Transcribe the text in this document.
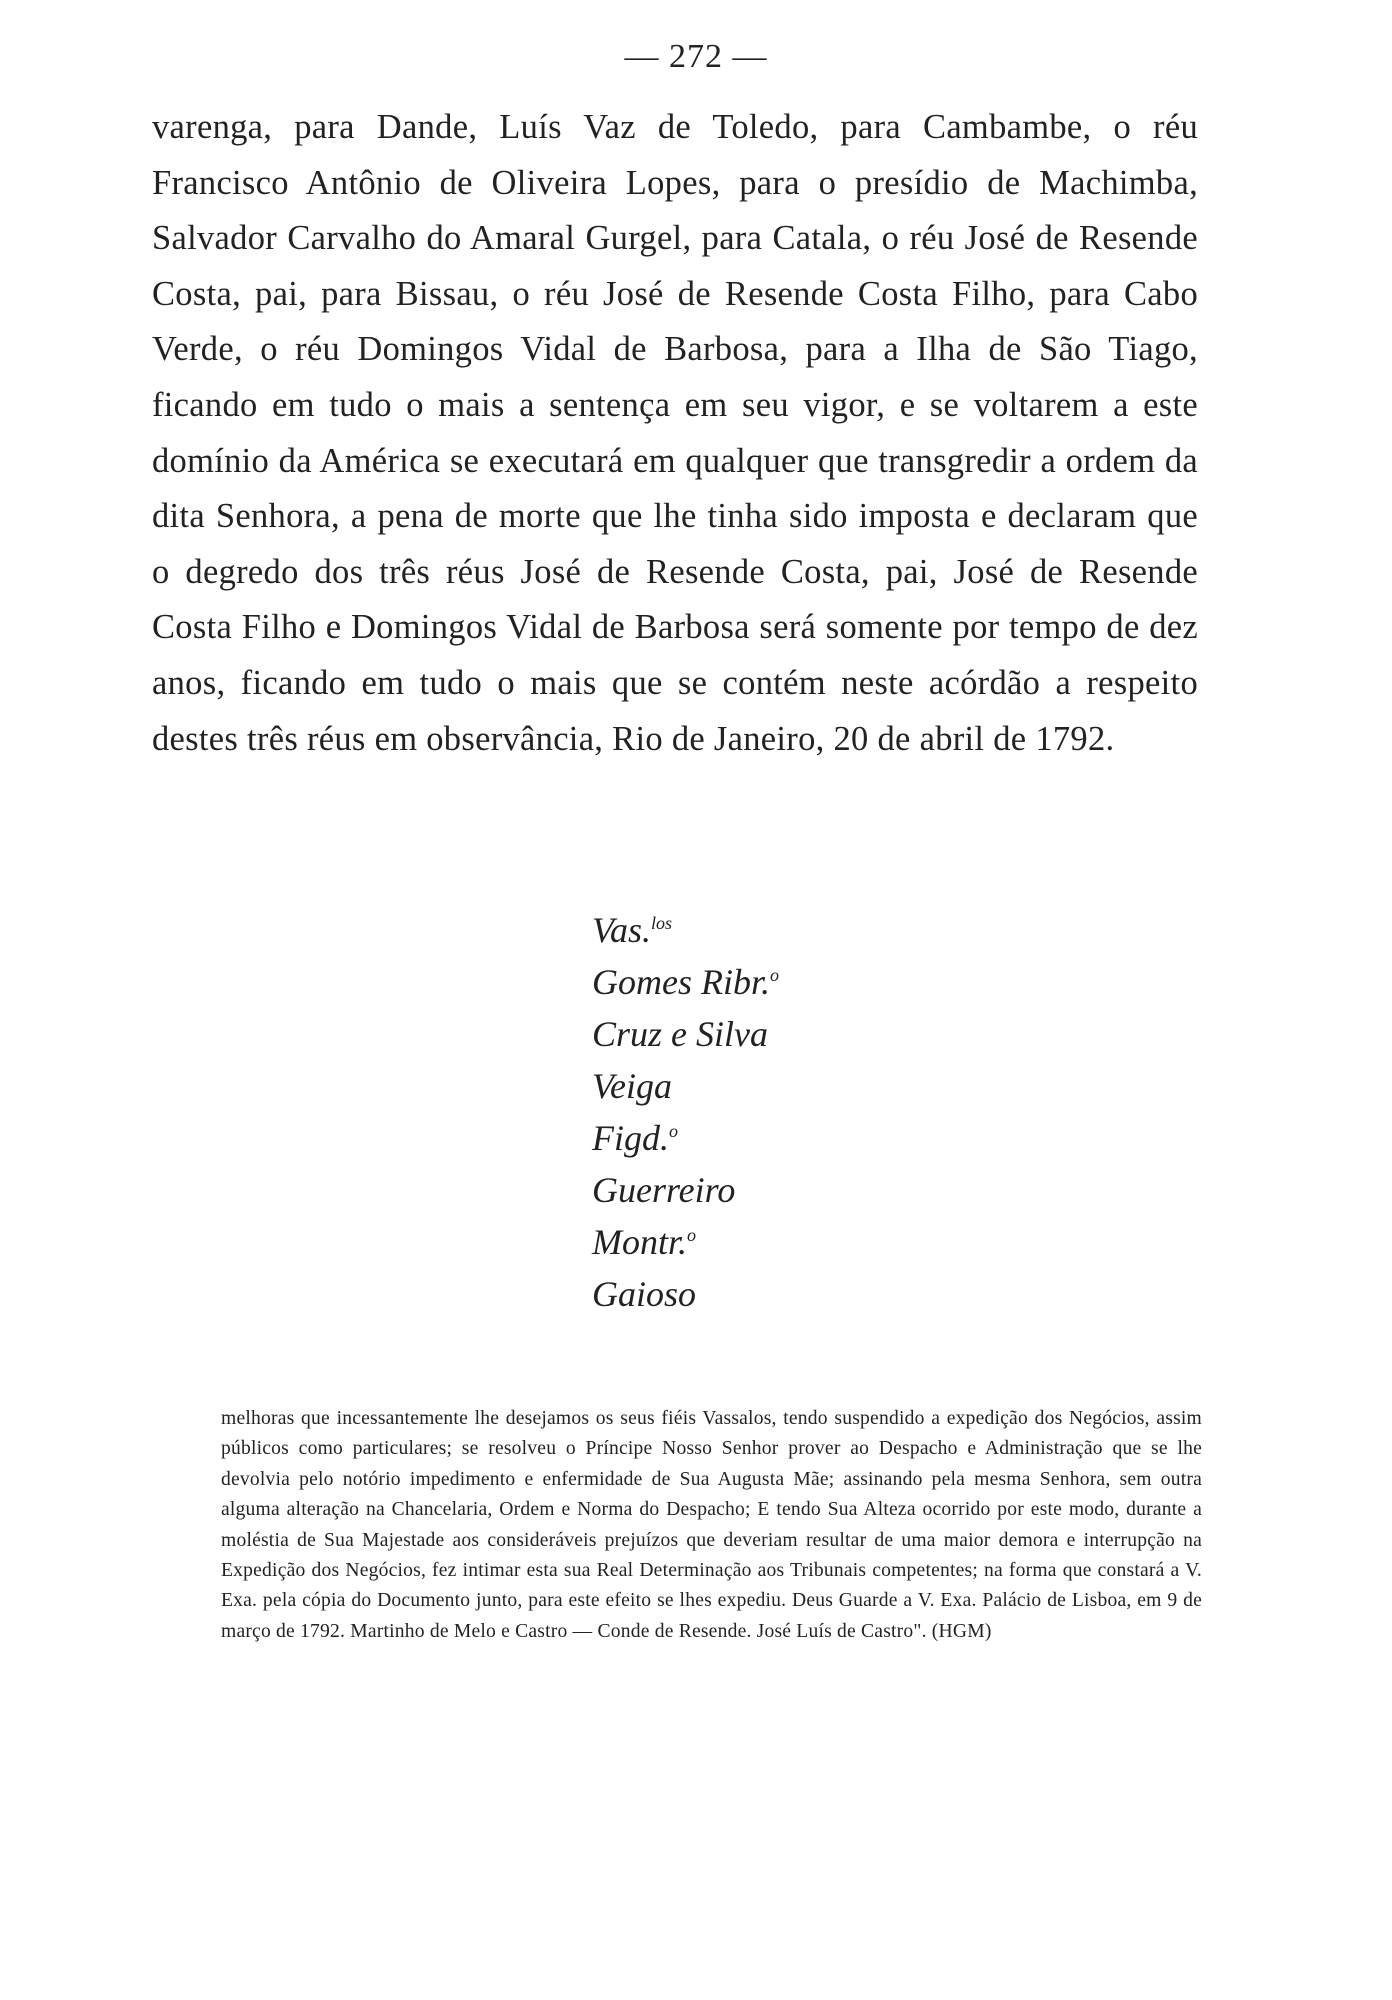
— 272 —

varenga, para Dande, Luís Vaz de Toledo, para Cambambe, o réu Francisco Antônio de Oliveira Lopes, para o presídio de Machimba, Salvador Carvalho do Amaral Gurgel, para Catala, o réu José de Resende Costa, pai, para Bissau, o réu José de Resende Costa Filho, para Cabo Verde, o réu Domingos Vidal de Barbosa, para a Ilha de São Tiago, ficando em tudo o mais a sentença em seu vigor, e se voltarem a este domínio da América se executará em qualquer que transgredir a ordem da dita Senhora, a pena de morte que lhe tinha sido imposta e declaram que o degredo dos três réus José de Resende Costa, pai, José de Resende Costa Filho e Domingos Vidal de Barbosa será somente por tempo de dez anos, ficando em tudo o mais que se contém neste acórdão a respeito destes três réus em observância, Rio de Janeiro, 20 de abril de 1792.

Vas.$^{los}$
Gomes Ribr.$^o$
Cruz e Silva
Veiga
Figd.$^o$
Guerreiro
Montr.$^o$
Gaioso

melhoras que incessantemente lhe desejamos os seus fiéis Vassalos, tendo suspendido a expedição dos Negócios, assim públicos como particulares; se resolveu o Príncipe Nosso Senhor prover ao Despacho e Administração que se lhe devolvia pelo notório impedimento e enfermidade de Sua Augusta Mãe; assinando pela mesma Senhora, sem outra alguma alteração na Chancelaria, Ordem e Norma do Despacho; E tendo Sua Alteza ocorrido por este modo, durante a moléstia de Sua Majestade aos consideráveis prejuízos que deveriam resultar de uma maior demora e interrupção na Expedição dos Negócios, fez intimar esta sua Real Determinação aos Tribunais competentes; na forma que constará a V. Exa. pela cópia do Documento junto, para este efeito se lhes expediu. Deus Guarde a V. Exa. Palácio de Lisboa, em 9 de março de 1792. Martinho de Melo e Castro — Conde de Resende. José Luís de Castro". (HGM)
